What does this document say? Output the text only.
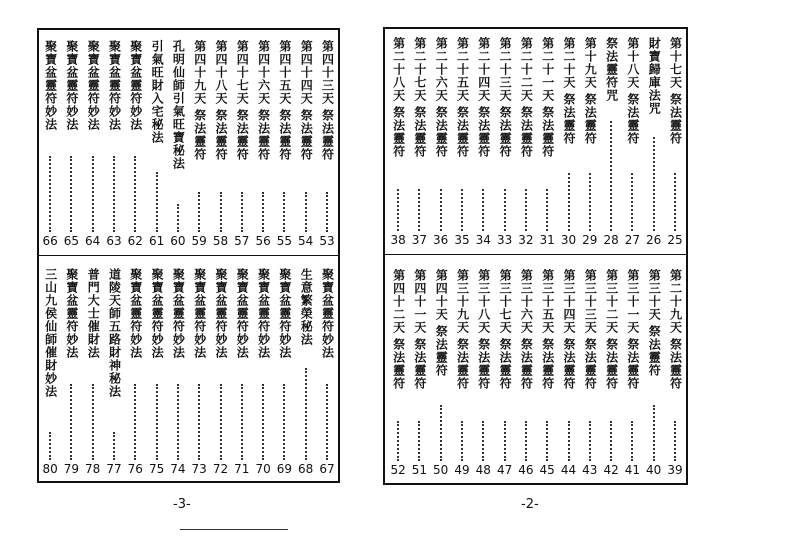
第四十三天
祭法靈符
53
第四十四天
祭法靈符
54
第四十五天
祭法靈符
55
第四十六天
祭法靈符
56
第四十七天
祭法靈符
57
第四十八天
祭法靈符
58
第四十九天
祭法靈符
59
孔明仙師引氣旺寶秘法
60
引氣旺財入宅秘法
61
聚寶盆靈符妙法
62
聚寶盆靈符妙法
63
聚寶盆靈符妙法
64
聚寶盆靈符妙法
65
聚寶盆靈符妙法
66
聚寶盆靈符妙法
67
生意繁榮秘法
68
聚寶盆靈符妙法
69
聚寶盆靈符妙法
70
聚寶盆靈符妙法
71
聚寶盆靈符妙法
72
聚寶盆靈符妙法
73
聚寶盆靈符妙法
74
聚寶盆靈符妙法
75
聚寶盆靈符妙法
76
道陵天師五路財神秘法
77
普門大士催財法
78
聚寶盆靈符妙法
79
三山九侯仙師催財妙法
80
第十七天
祭法靈符
25
財寶歸庫法咒
26
第十八天
祭法靈符
27
祭法靈符咒
28
第十九天
祭法靈符
29
第二十天
祭法靈符
30
第二十一天
祭法靈符
31
第二十二天
祭法靈符
32
第二十三天
祭法靈符
33
第二十四天
祭法靈符
34
第二十五天
祭法靈符
35
第二十六天
祭法靈符
36
第二十七天
祭法靈符
37
第二十八天
祭法靈符
38
第二十九天
祭法靈符
39
第三十天
祭法靈符
40
第三十一天
祭法靈符
41
第三十二天
祭法靈符
42
第三十三天
祭法靈符
43
第三十四天
祭法靈符
44
第三十五天
祭法靈符
45
第三十六天
祭法靈符
46
第三十七天
祭法靈符
47
第三十八天
祭法靈符
48
第三十九天
祭法靈符
49
第四十天
祭法靈符
50
第四十一天
祭法靈符
51
第四十二天
祭法靈符
52
-3-	-2-
